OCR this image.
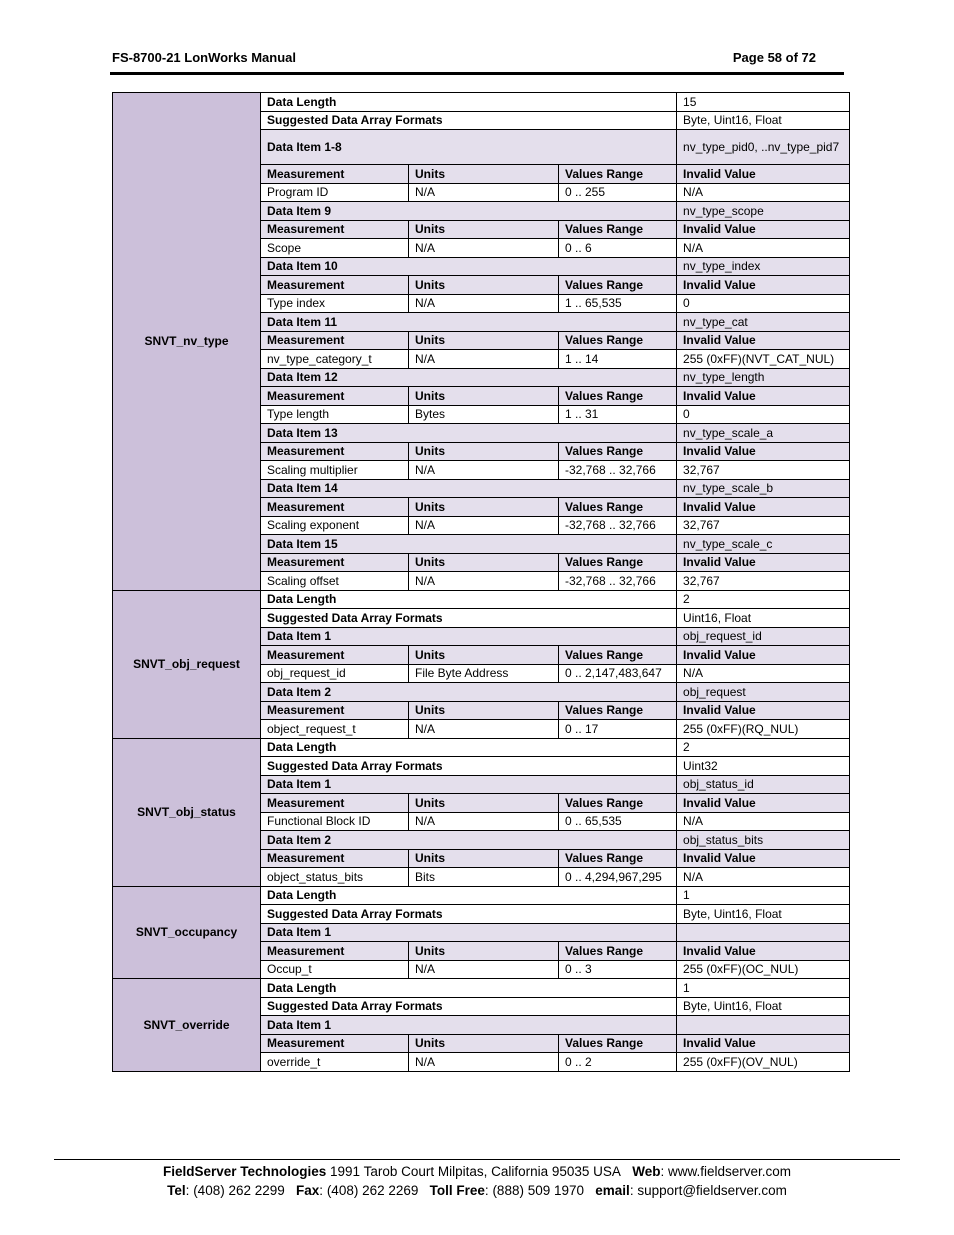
FS-8700-21 LonWorks Manual	Page 58 of 72
SNVT_nv_type	Data Length			15
	Suggested Data Array Formats			Byte, Uint16, Float
	Data Item 1-8			nv_type_pid0, ..nv_type_pid7
	Measurement	Units	Values Range	Invalid Value
	Program ID	N/A	0 .. 255	N/A
	Data Item 9			nv_type_scope
	Measurement	Units	Values Range	Invalid Value
	Scope	N/A	0 .. 6	N/A
	Data Item 10			nv_type_index
	Measurement	Units	Values Range	Invalid Value
	Type index	N/A	1 .. 65,535	0
	Data Item 11			nv_type_cat
	Measurement	Units	Values Range	Invalid Value
	nv_type_category_t	N/A	1 .. 14	255 (0xFF)(NVT_CAT_NUL)
	Data Item 12			nv_type_length
	Measurement	Units	Values Range	Invalid Value
	Type length	Bytes	1 .. 31	0
	Data Item 13			nv_type_scale_a
	Measurement	Units	Values Range	Invalid Value
	Scaling multiplier	N/A	-32,768 .. 32,766	32,767
	Data Item 14			nv_type_scale_b
	Measurement	Units	Values Range	Invalid Value
	Scaling exponent	N/A	-32,768 .. 32,766	32,767
	Data Item 15			nv_type_scale_c
	Measurement	Units	Values Range	Invalid Value
	Scaling offset	N/A	-32,768 .. 32,766	32,767
SNVT_obj_request	Data Length			2
	Suggested Data Array Formats			Uint16, Float
	Data Item 1			obj_request_id
	Measurement	Units	Values Range	Invalid Value
	obj_request_id	File Byte Address	0 .. 2,147,483,647	N/A
	Data Item 2			obj_request
	Measurement	Units	Values Range	Invalid Value
	object_request_t	N/A	0 .. 17	255 (0xFF)(RQ_NUL)
SNVT_obj_status	Data Length			2
	Suggested Data Array Formats			Uint32
	Data Item 1			obj_status_id
	Measurement	Units	Values Range	Invalid Value
	Functional Block ID	N/A	0 .. 65,535	N/A
	Data Item 2			obj_status_bits
	Measurement	Units	Values Range	Invalid Value
	object_status_bits	Bits	0 .. 4,294,967,295	N/A
SNVT_occupancy	Data Length			1
	Suggested Data Array Formats			Byte, Uint16, Float
	Data Item 1			
	Measurement	Units	Values Range	Invalid Value
	Occup_t	N/A	0 .. 3	255 (0xFF)(OC_NUL)
SNVT_override	Data Length			1
	Suggested Data Array Formats			Byte, Uint16, Float
	Data Item 1			
	Measurement	Units	Values Range	Invalid Value
	override_t	N/A	0 .. 2	255 (0xFF)(OV_NUL)
FieldServer Technologies 1991 Tarob Court Milpitas, California 95035 USA Web: www.fieldserver.com
Tel: (408) 262 2299 Fax: (408) 262 2269 Toll Free: (888) 509 1970 email: support@fieldserver.com
